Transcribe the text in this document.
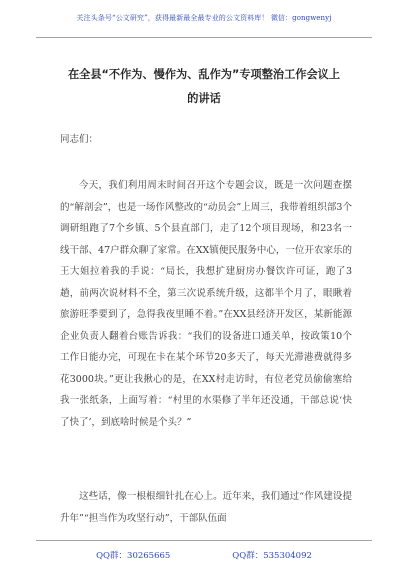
关注头条号“公文研究”，获得最新最全最专业的公文资料库！ 微信：gongwenyj
在全县“不作为、慢作为、乱作为”专项整治工作会议上
的讲话
同志们：
今天，我们利用周末时间召开这个专题会议，既是一次问题查摆的“解剖会”，也是一场作风整改的“动员会”上周三，我带着组织部3个调研组跑了7个乡镇、5个县直部门，走了12个项目现场，和23名一线干部、47户群众聊了家常。在XX镇便民服务中心，一位开农家乐的王大姐拉着我的手说：“局长，我想扩建厨房办餐饮许可证，跑了3趟，前两次说材料不全，第三次说系统升级，这都半个月了，眼瞅着旅游旺季要到了，急得我夜里睡不着。”在XX县经济开发区，某新能源企业负责人翻着台账告诉我：“我们的设备进口通关单，按政策10个工作日能办完，可现在卡在某个环节20多天了，每天光滞港费就得多花3000块。”更让我揪心的是，在XX村走访时，有位老党员偷偷塞给我一张纸条，上面写着：“村里的水渠修了半年还没通，干部总说‘快了快了’，到底啥时候是个头？”
这些话，像一根根细针扎在心上。近年来，我们通过“作风建设提升年”“担当作为攻坚行动”，干部队伍面
QQ群：30265665	QQ群：535304092
